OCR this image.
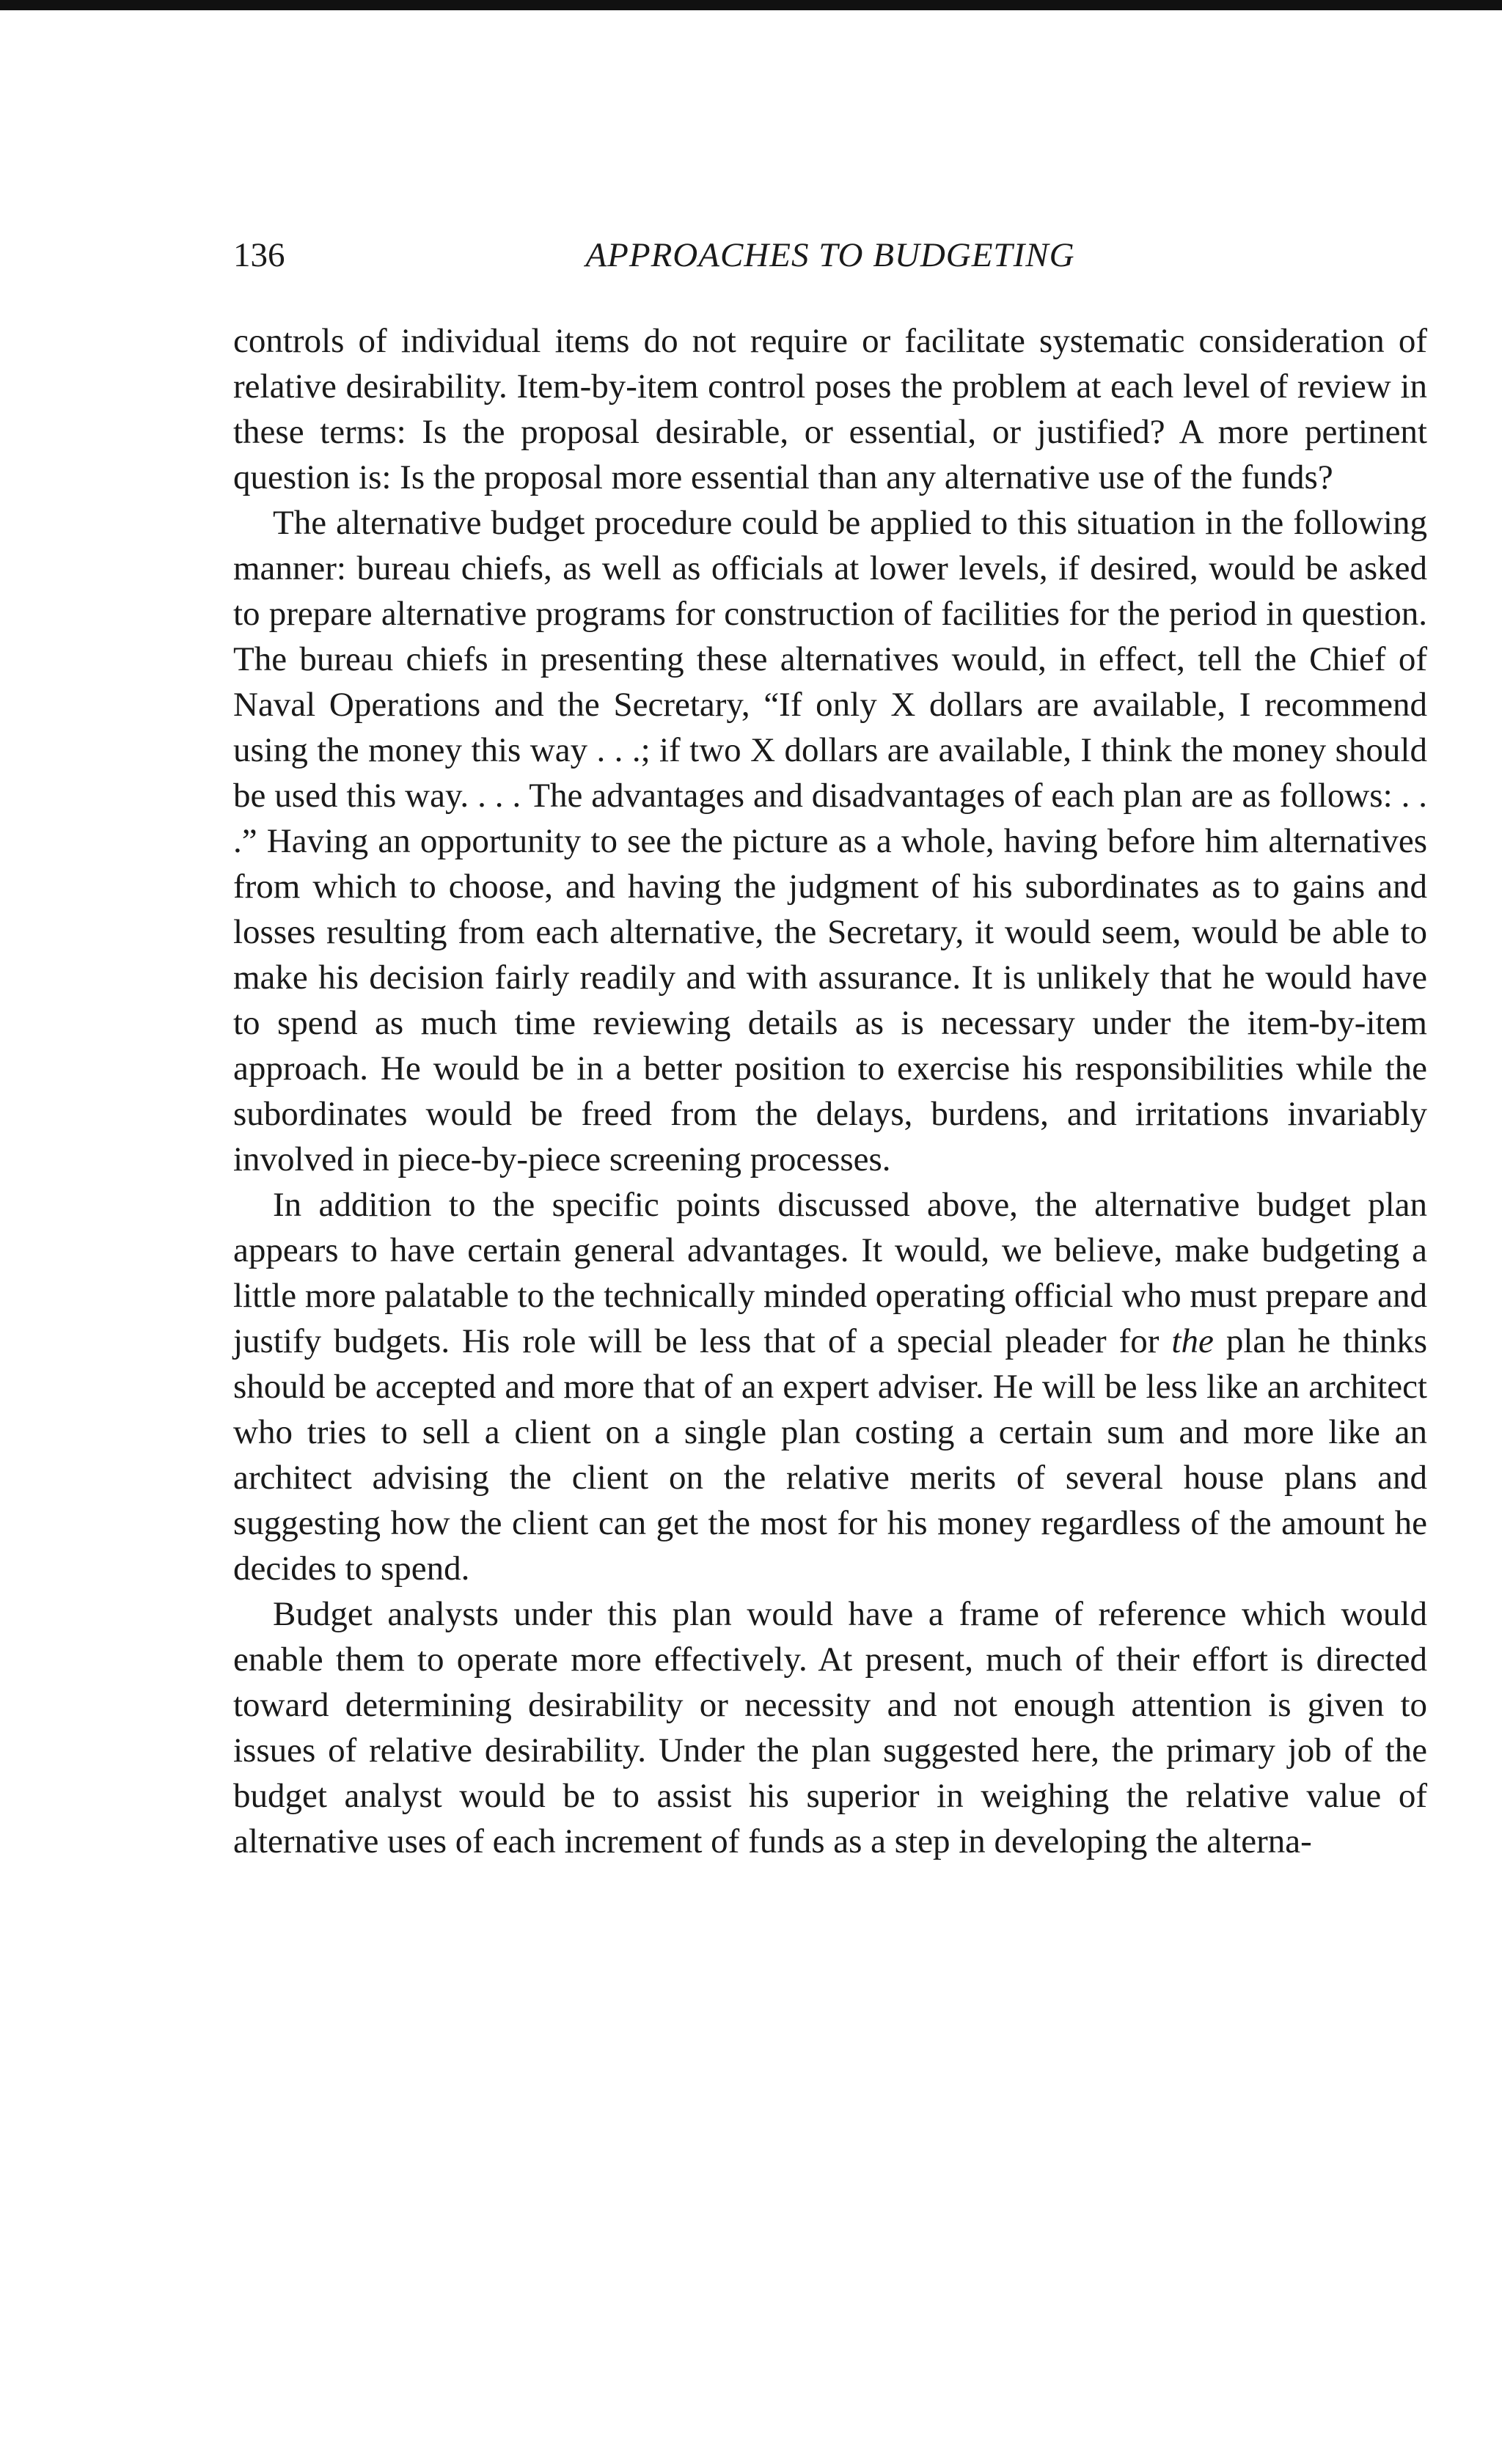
136	APPROACHES TO BUDGETING

controls of individual items do not require or facilitate systematic consideration of relative desirability. Item-by-item control poses the problem at each level of review in these terms: Is the proposal desirable, or essential, or justified? A more pertinent question is: Is the proposal more essential than any alternative use of the funds?

The alternative budget procedure could be applied to this situation in the following manner: bureau chiefs, as well as officials at lower levels, if desired, would be asked to prepare alternative programs for construction of facilities for the period in question. The bureau chiefs in presenting these alternatives would, in effect, tell the Chief of Naval Operations and the Secretary, “If only X dollars are available, I recommend using the money this way . . .; if two X dollars are available, I think the money should be used this way. . . . The advantages and disadvantages of each plan are as follows: . . .” Having an opportunity to see the picture as a whole, having before him alternatives from which to choose, and having the judgment of his subordinates as to gains and losses resulting from each alternative, the Secretary, it would seem, would be able to make his decision fairly readily and with assurance. It is unlikely that he would have to spend as much time reviewing details as is necessary under the item-by-item approach. He would be in a better position to exercise his responsibilities while the subordinates would be freed from the delays, burdens, and irritations invariably involved in piece-by-piece screening processes.

In addition to the specific points discussed above, the alternative budget plan appears to have certain general advantages. It would, we believe, make budgeting a little more palatable to the technically minded operating official who must prepare and justify budgets. His role will be less that of a special pleader for the plan he thinks should be accepted and more that of an expert adviser. He will be less like an architect who tries to sell a client on a single plan costing a certain sum and more like an architect advising the client on the relative merits of several house plans and suggesting how the client can get the most for his money regardless of the amount he decides to spend.

Budget analysts under this plan would have a frame of reference which would enable them to operate more effectively. At present, much of their effort is directed toward determining desirability or necessity and not enough attention is given to issues of relative desirability. Under the plan suggested here, the primary job of the budget analyst would be to assist his superior in weighing the relative value of alternative uses of each increment of funds as a step in developing the alterna-
